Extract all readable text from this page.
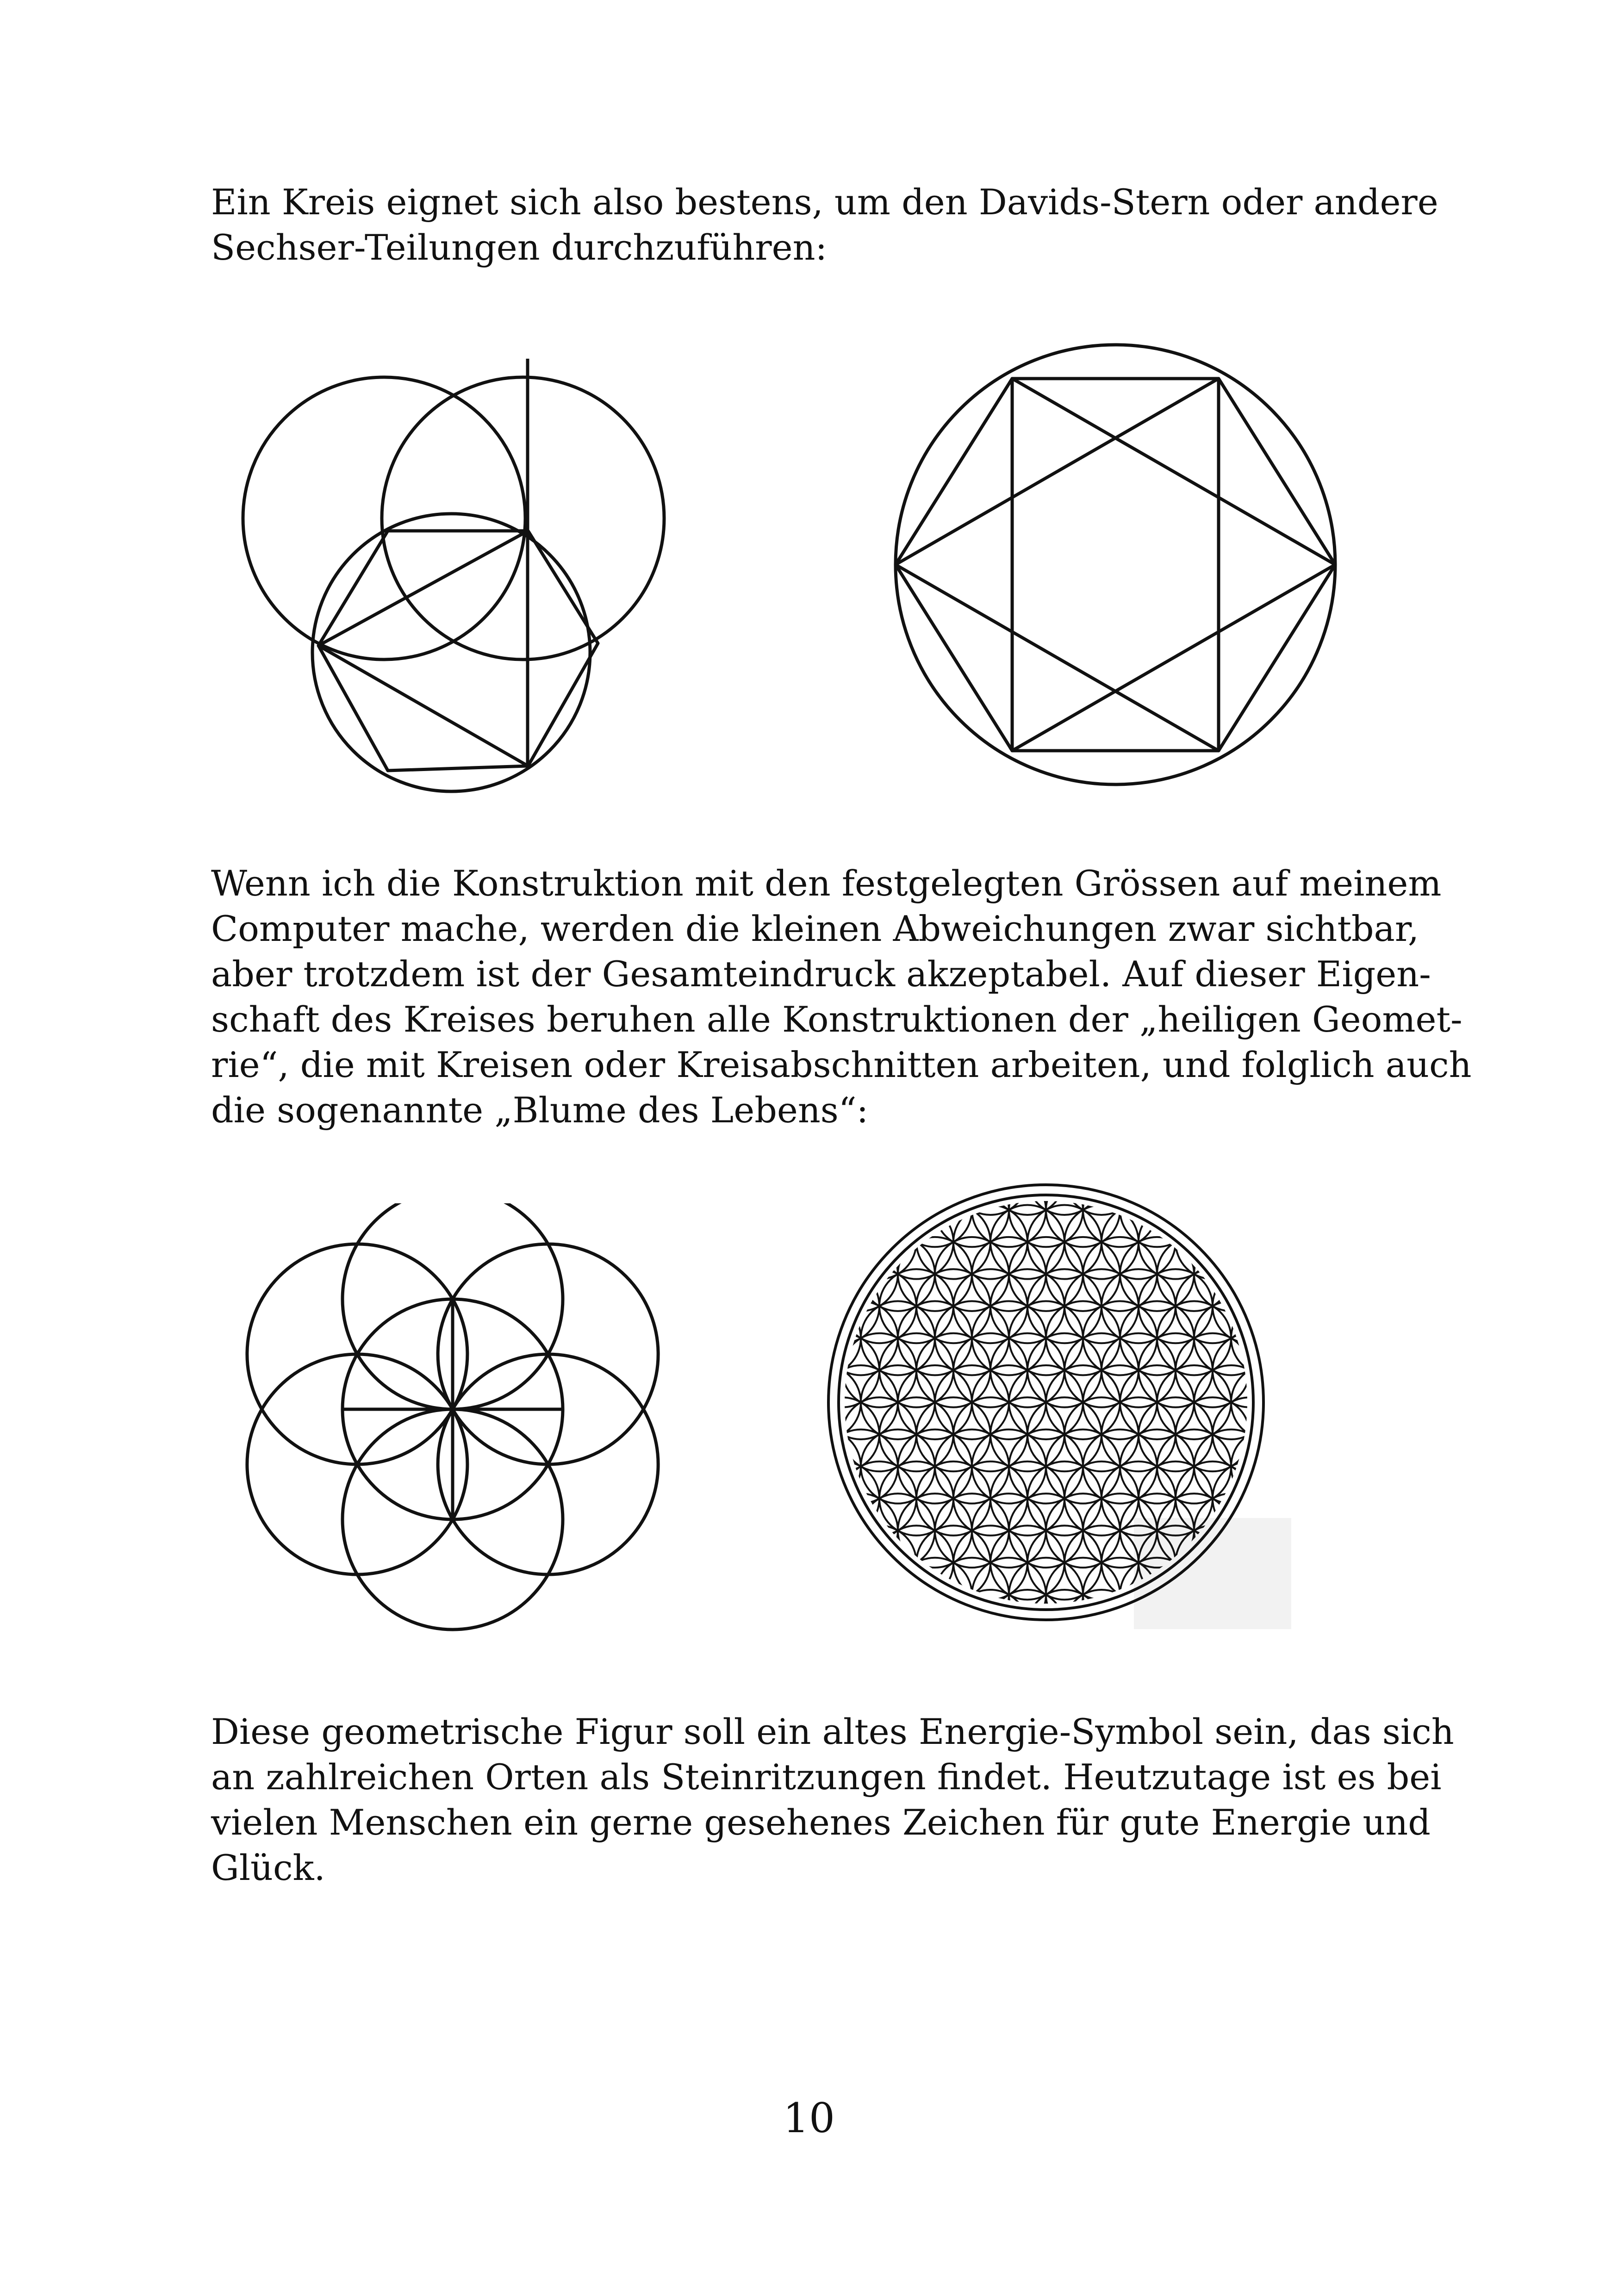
Ein Kreis eignet sich also bestens, um den Davids-Stern oder andere
Sechser-Teilungen durchzuführen:

Wenn ich die Konstruktion mit den festgelegten Grössen auf meinem
Computer mache, werden die kleinen Abweichungen zwar sichtbar,
aber trotzdem ist der Gesamteindruck akzeptabel. Auf dieser Eigen-
schaft des Kreises beruhen alle Konstruktionen der „heiligen Geomet-
rie“, die mit Kreisen oder Kreisabschnitten arbeiten, und folglich auch
die sogenannte „Blume des Lebens“:

Diese geometrische Figur soll ein altes Energie-Symbol sein, das sich
an zahlreichen Orten als Steinritzungen findet. Heutzutage ist es bei
vielen Menschen ein gerne gesehenes Zeichen für gute Energie und
Glück.

10
